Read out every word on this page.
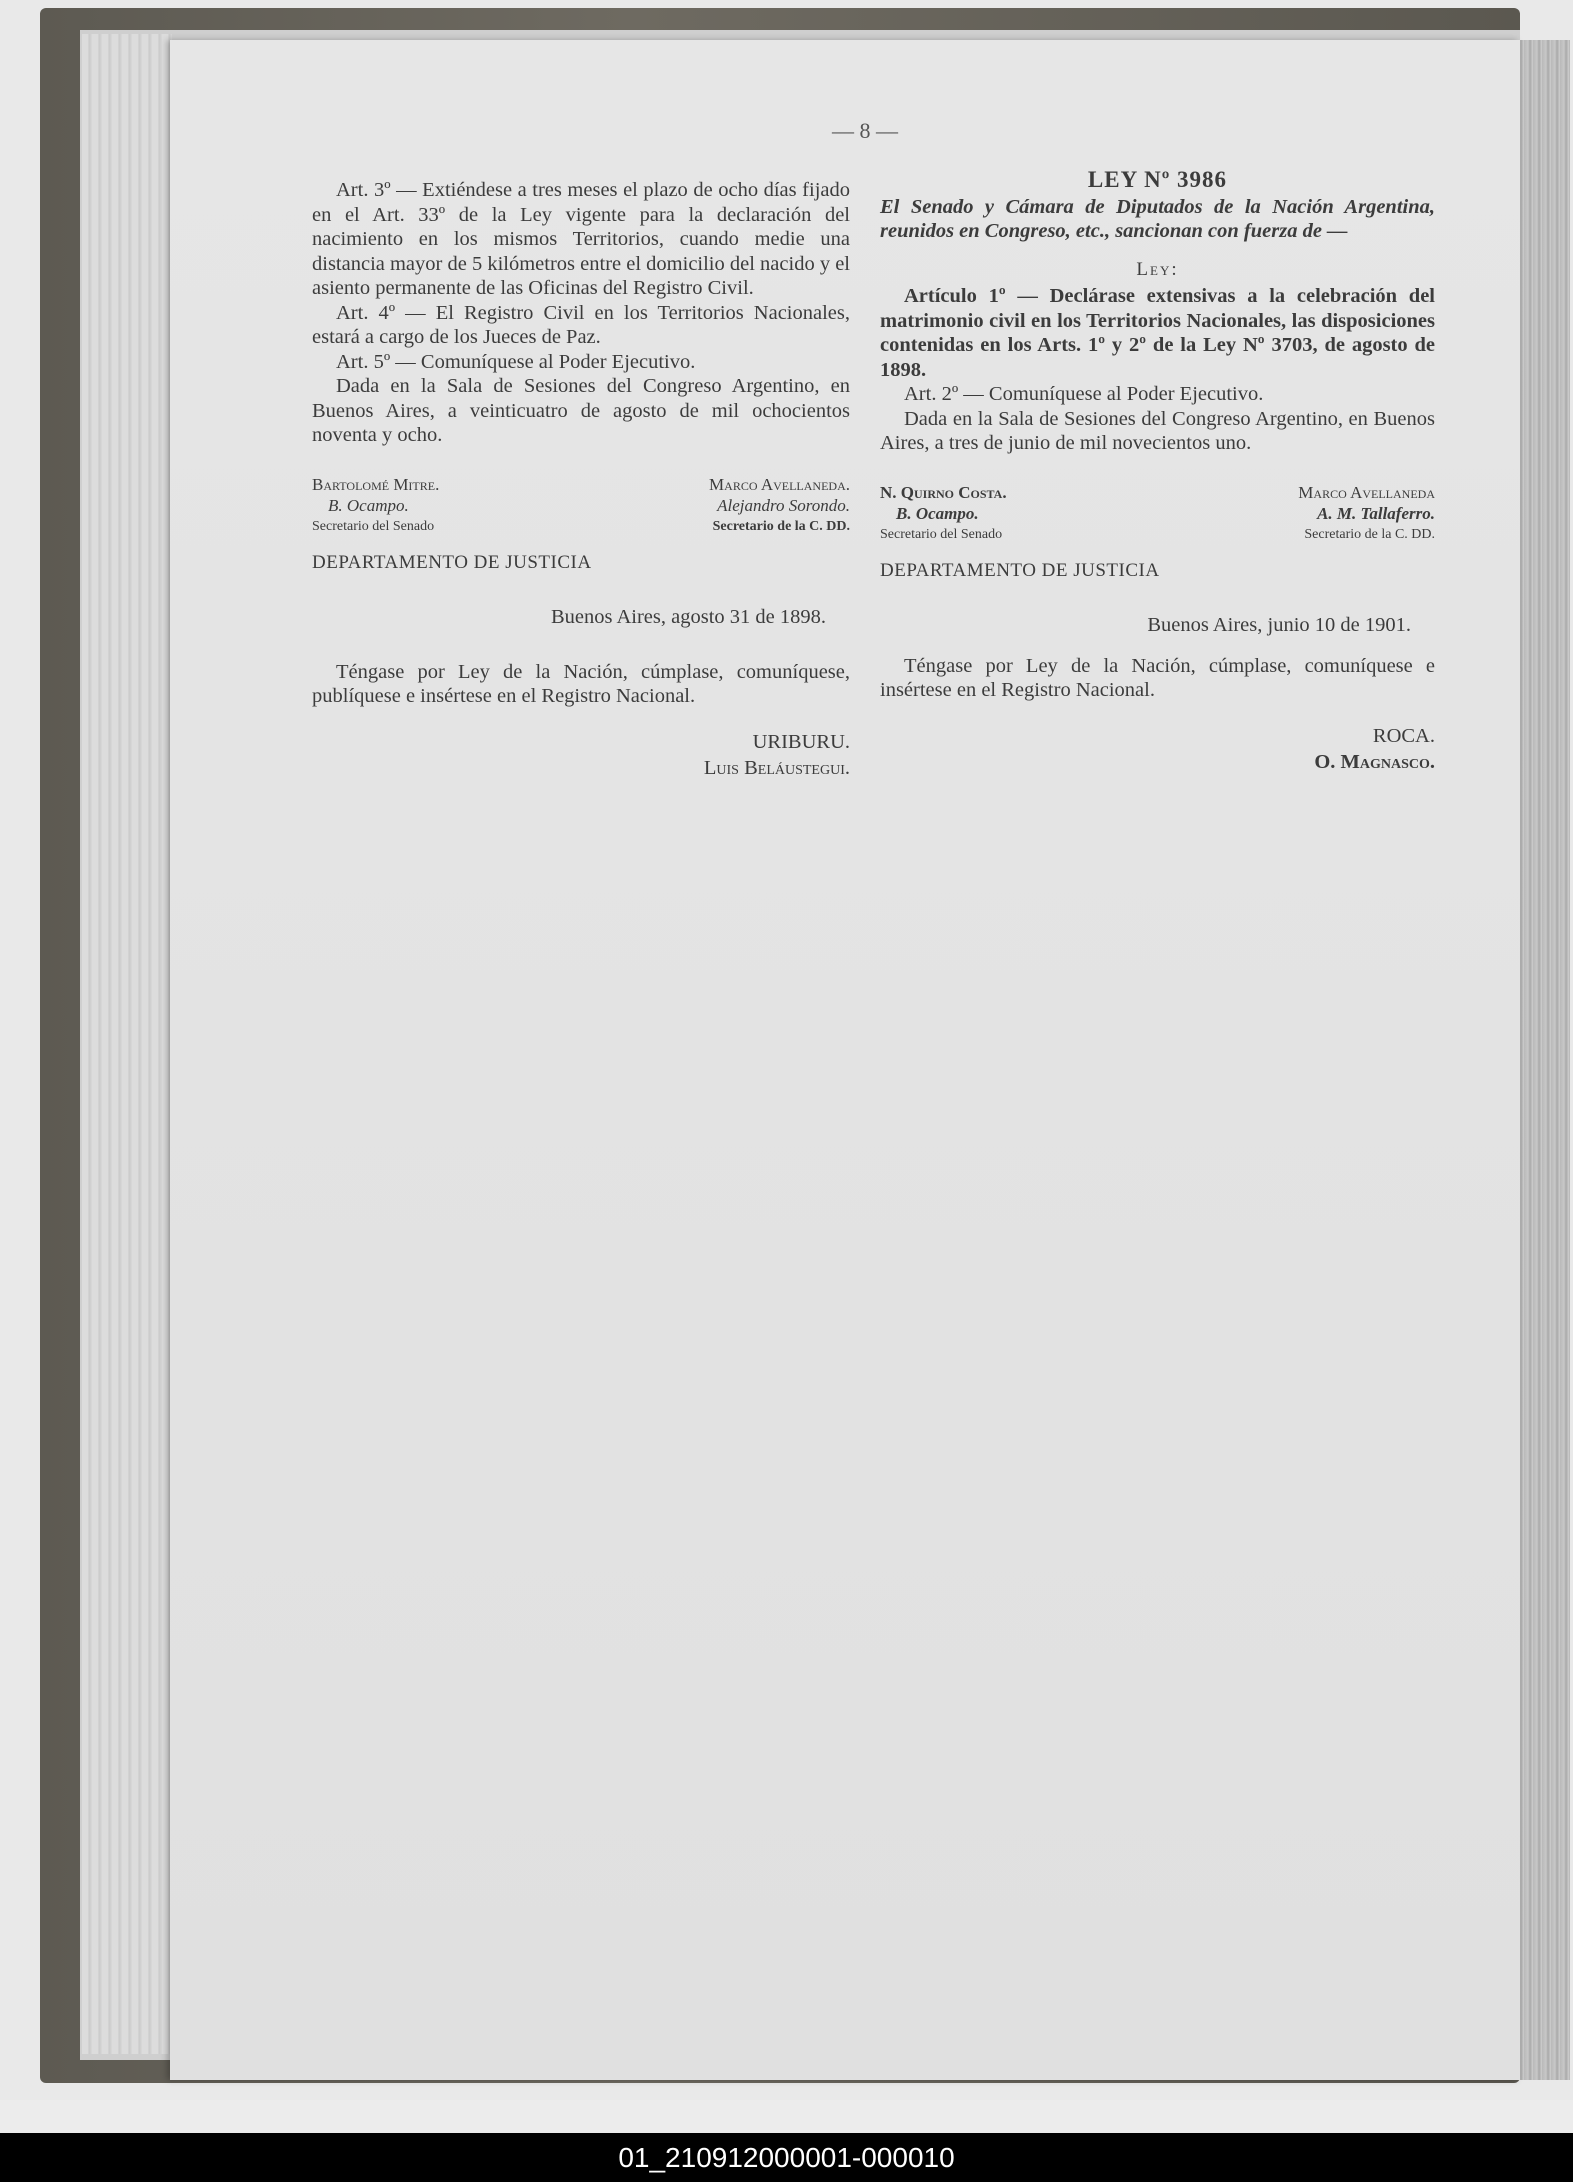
— 8 —

Art. 3º — Extiéndese a tres meses el plazo de ocho días fijado en el Art. 33º de la Ley vigente para la declaración del nacimiento en los mismos Territorios, cuando medie una distancia mayor de 5 kilómetros entre el domicilio del nacido y el asiento permanente de las Oficinas del Registro Civil.

Art. 4º — El Registro Civil en los Territorios Nacionales, estará a cargo de los Jueces de Paz.

Art. 5º — Comuníquese al Poder Ejecutivo.

Dada en la Sala de Sesiones del Congreso Argentino, en Buenos Aires, a veinticuatro de agosto de mil ochocientos noventa y ocho.

Bartolomé Mitre.
B. Ocampo.
Secretario del Senado
Marco Avellaneda.
Alejandro Sorondo.
Secretario de la C. DD.
DEPARTAMENTO DE JUSTICIA
Buenos Aires, agosto 31 de 1898.

Téngase por Ley de la Nación, cúmplase, comuníquese, publíquese e insértese en el Registro Nacional.

URIBURU.
Luis Beláustegui.
LEY Nº 3986

El Senado y Cámara de Diputados de la Nación Argentina, reunidos en Congreso, etc., sancionan con fuerza de —

Ley:

Artículo 1º — Declárase extensivas a la celebración del matrimonio civil en los Territorios Nacionales, las disposiciones contenidas en los Arts. 1º y 2º de la Ley Nº 3703, de agosto de 1898.

Art. 2º — Comuníquese al Poder Ejecutivo.

Dada en la Sala de Sesiones del Congreso Argentino, en Buenos Aires, a tres de junio de mil novecientos uno.

N. Quirno Costa.
B. Ocampo.
Secretario del Senado
Marco Avellaneda
A. M. Tallaferro.
Secretario de la C. DD.
DEPARTAMENTO DE JUSTICIA
Buenos Aires, junio 10 de 1901.

Téngase por Ley de la Nación, cúmplase, comuníquese e insértese en el Registro Nacional.

ROCA.
O. Magnasco.
01_210912000001-000010
